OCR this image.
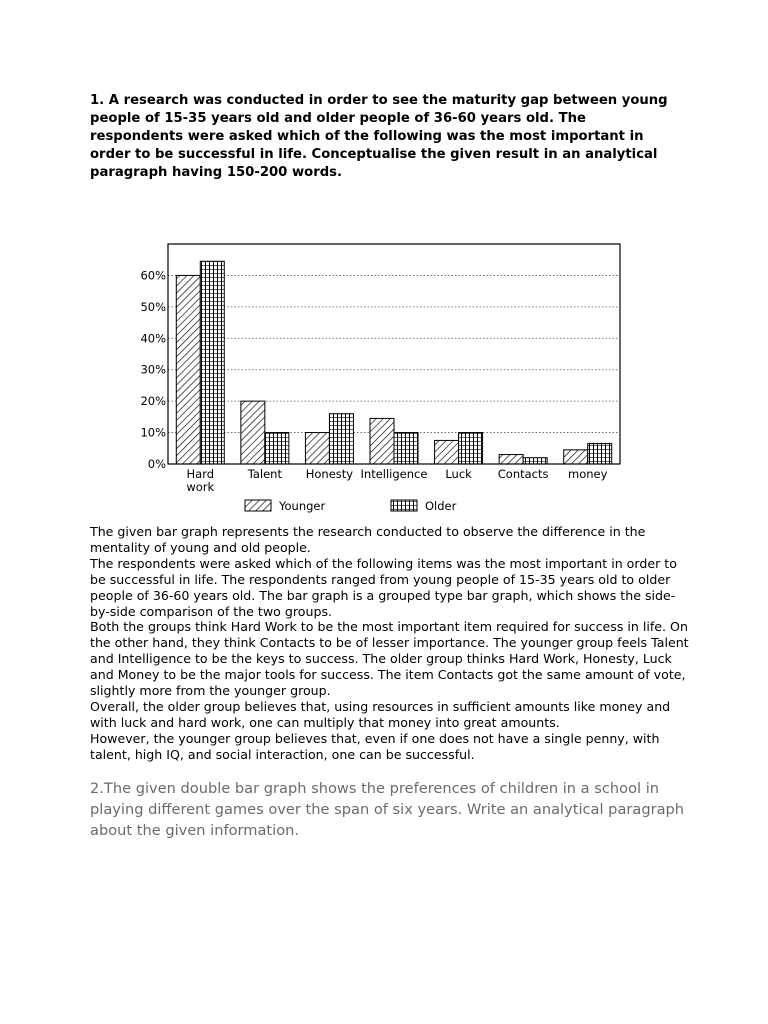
1. A research was conducted in order to see the maturity gap between young people of 15-35 years old and older people of 36-60 years old. The respondents were asked which of the following was the most important in order to be successful in life. Conceptualise the given result in an analytical paragraph having 150-200 words.

0%
10%
20%
30%
40%
50%
60%
Hard
work
Talent Honesty Intelligence Luck Contacts money
Younger	Older

The given bar graph represents the research conducted to observe the difference in the mentality of young and old people.

The respondents were asked which of the following items was the most important in order to be successful in life. The respondents ranged from young people of 15-35 years old to older people of 36-60 years old. The bar graph is a grouped type bar graph, which shows the side-by-side comparison of the two groups.

Both the groups think Hard Work to be the most important item required for success in life. On the other hand, they think Contacts to be of lesser importance. The younger group feels Talent and Intelligence to be the keys to success. The older group thinks Hard Work, Honesty, Luck and Money to be the major tools for success. The item Contacts got the same amount of vote, slightly more from the younger group.

Overall, the older group believes that, using resources in sufficient amounts like money and with luck and hard work, one can multiply that money into great amounts.

However, the younger group believes that, even if one does not have a single penny, with talent, high IQ, and social interaction, one can be successful.

2.The given double bar graph shows the preferences of children in a school in playing different games over the span of six years. Write an analytical paragraph about the given information.
